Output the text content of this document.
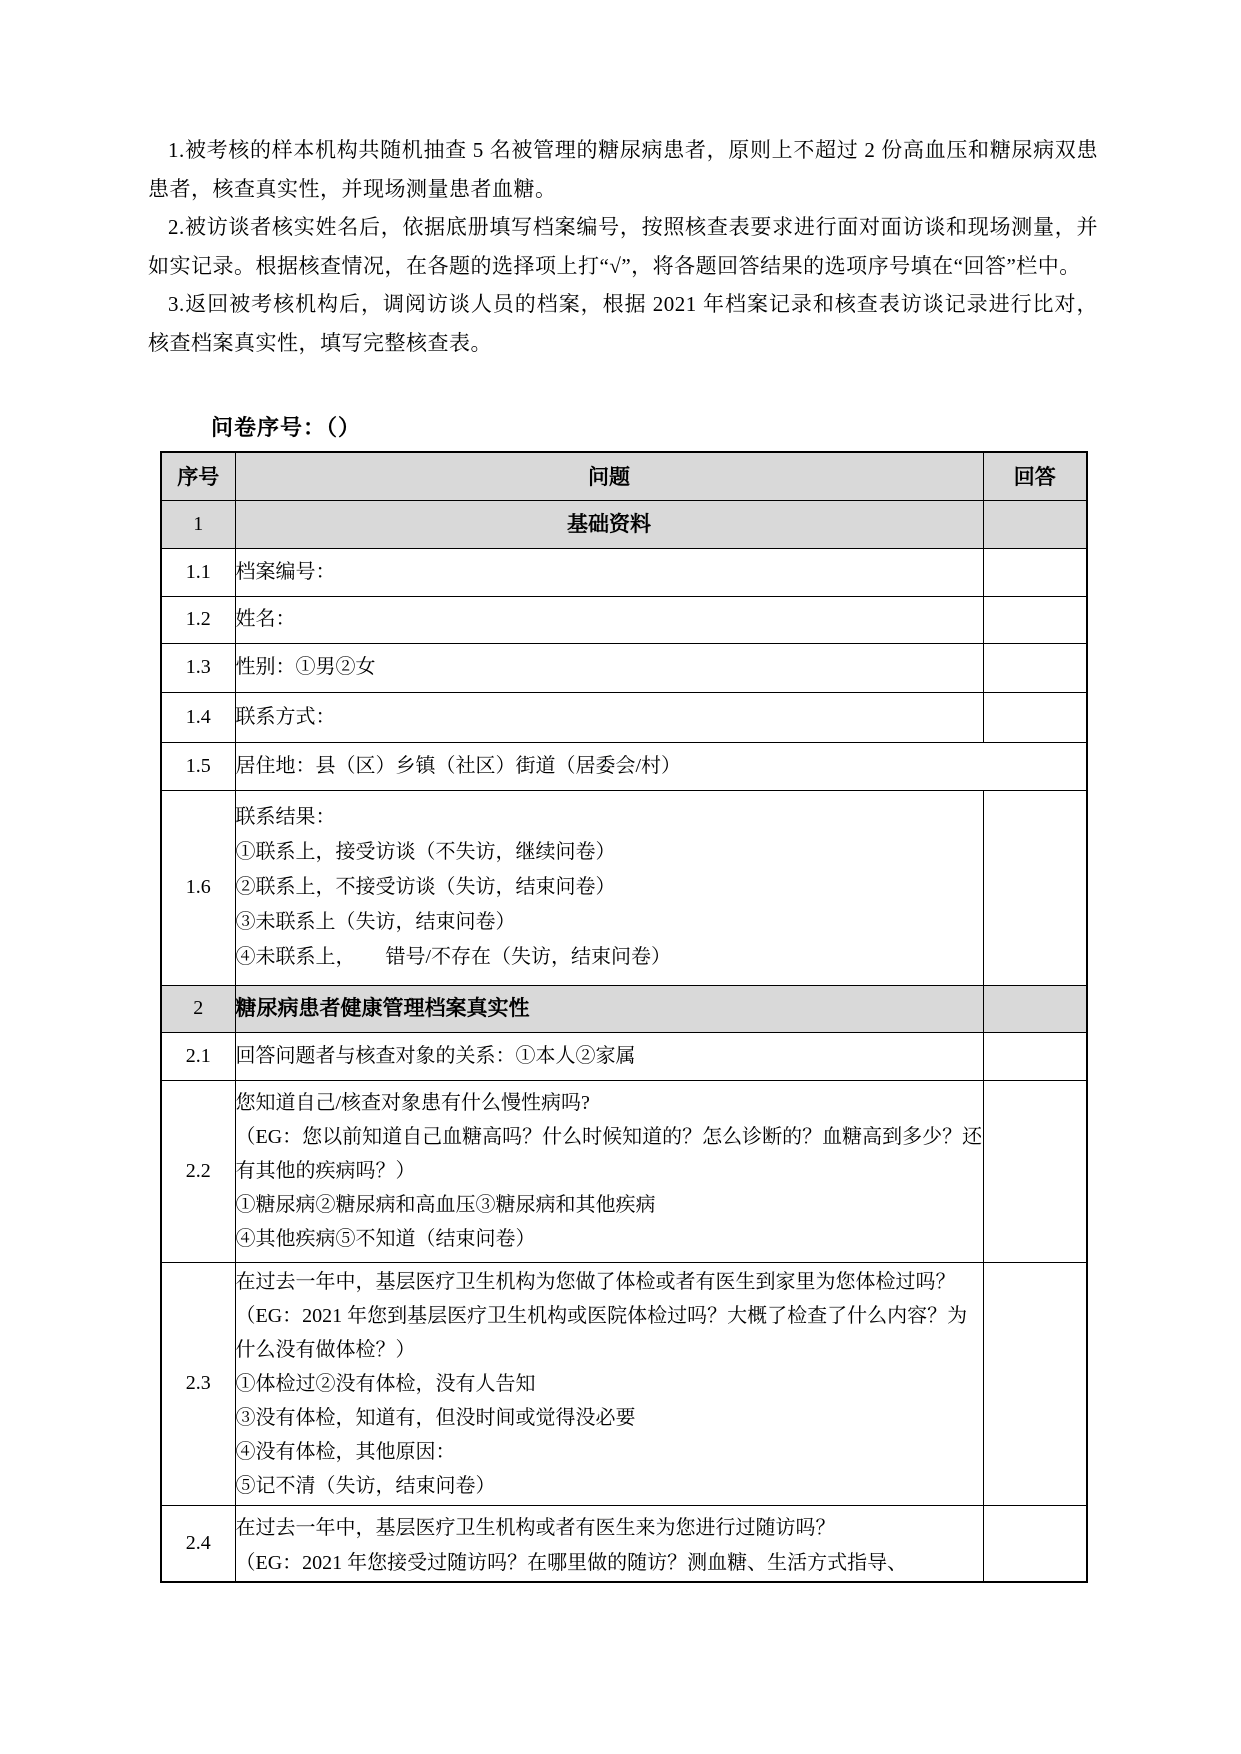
1.被考核的样本机构共随机抽查 5 名被管理的糖尿病患者，原则上不超过 2 份高血压和糖尿病双患患者，核查真实性，并现场测量患者血糖。

2.被访谈者核实姓名后，依据底册填写档案编号，按照核查表要求进行面对面访谈和现场测量，并如实记录。根据核查情况，在各题的选择项上打“√”，将各题回答结果的选项序号填在“回答”栏中。

3.返回被考核机构后，调阅访谈人员的档案，根据 2021 年档案记录和核查表访谈记录进行比对，核查档案真实性，填写完整核查表。

问卷序号：（）
序号	问题	回答
1	基础资料	
1.1	档案编号：	
1.2	姓名：	
1.3	性别：①男②女	
1.4	联系方式：	
1.5	居住地：县（区）乡镇（社区）街道（居委会/村）	
1.6	联系结果：
①联系上，接受访谈（不失访，继续问卷）
②联系上，不接受访谈（失访，结束问卷）
③未联系上（失访，结束问卷）
④未联系上，　　错号/不存在（失访，结束问卷）	

2	糖尿病患者健康管理档案真实性	
2.1	回答问题者与核查对象的关系：①本人②家属	
2.2	您知道自己/核查对象患有什么慢性病吗?
（EG：您以前知道自己血糖高吗？什么时候知道的？怎么诊断的？血糖高到多少？还有其他的疾病吗？）
①糖尿病②糖尿病和高血压③糖尿病和其他疾病
④其他疾病⑤不知道（结束问卷）	

2.3	在过去一年中，基层医疗卫生机构为您做了体检或者有医生到家里为您体检过吗？（EG：2021 年您到基层医疗卫生机构或医院体检过吗？大概了检查了什么内容？为什么没有做体检？）
①体检过②没有体检，没有人告知
③没有体检，知道有，但没时间或觉得没必要
④没有体检，其他原因：
⑤记不清（失访，结束问卷）	

2.4	在过去一年中，基层医疗卫生机构或者有医生来为您进行过随访吗？
（EG：2021 年您接受过随访吗？在哪里做的随访？测血糖、生活方式指导、	
